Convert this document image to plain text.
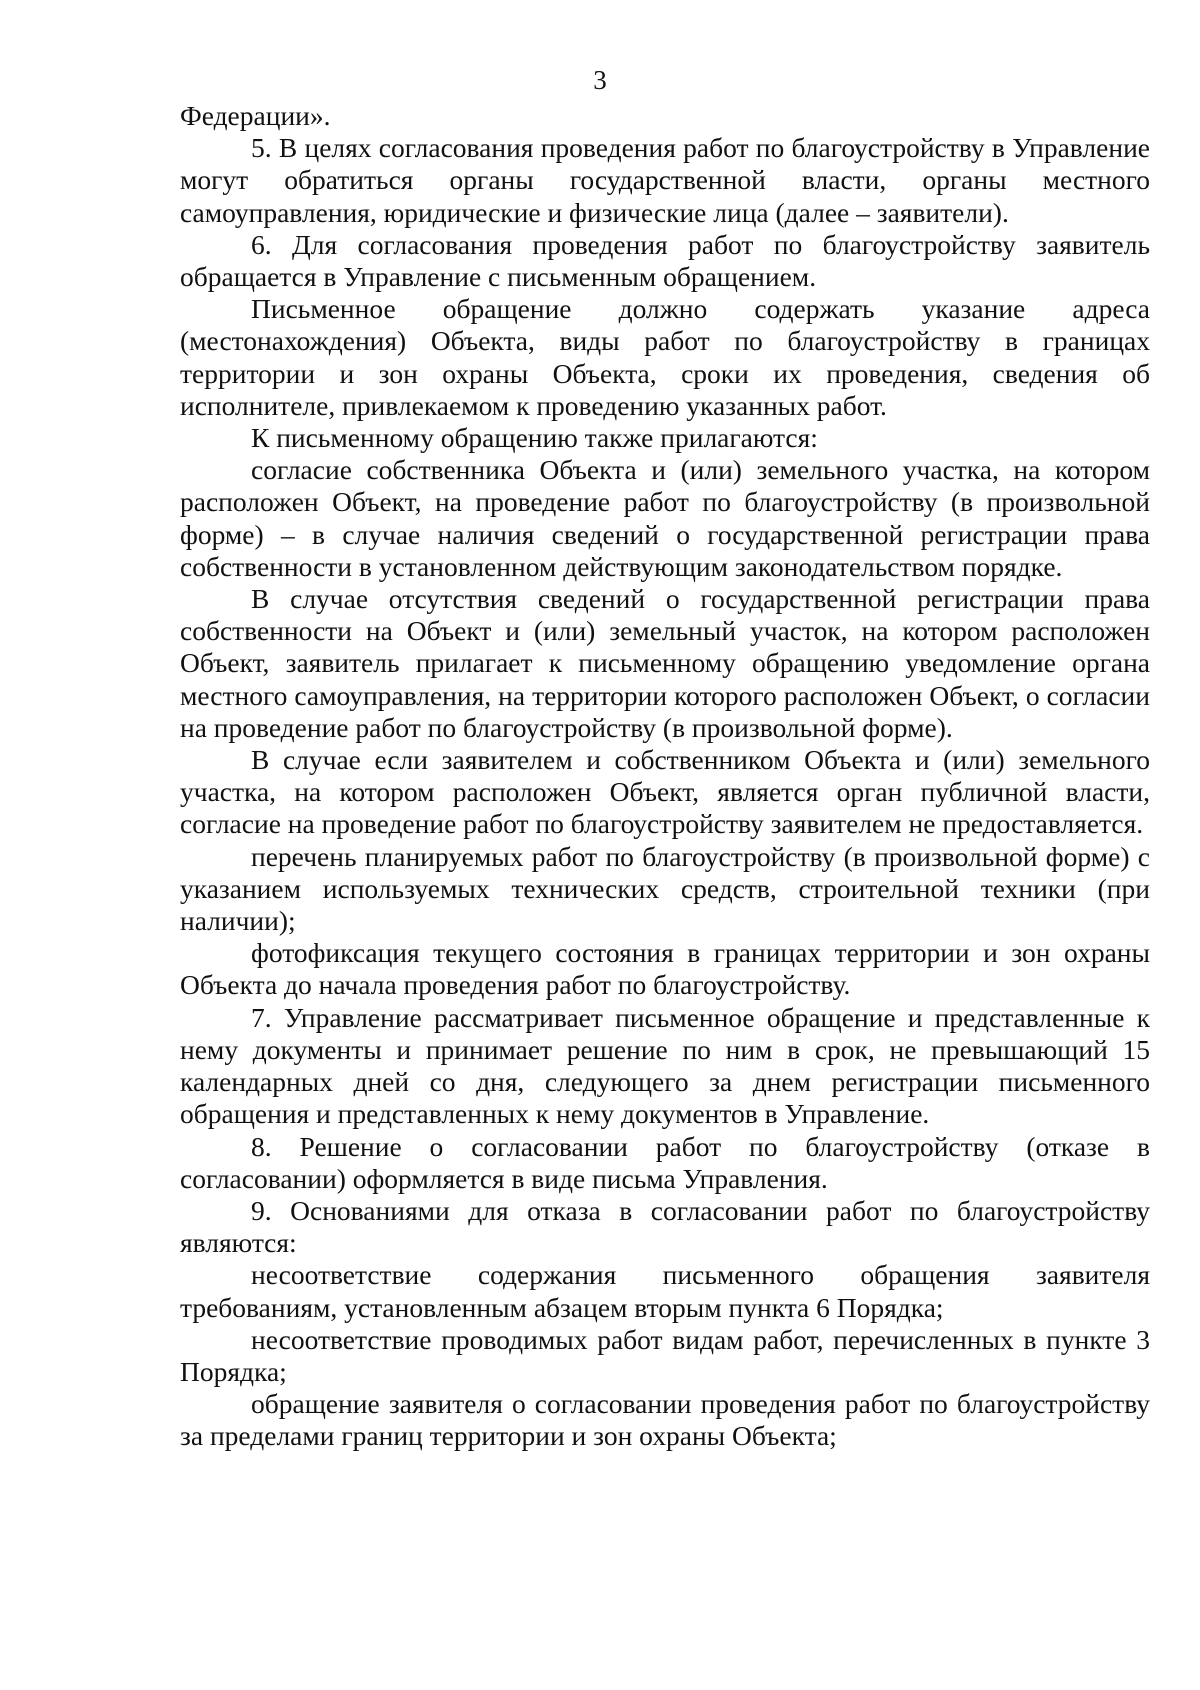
3

Федерации».

5. В целях согласования проведения работ по благоустройству в Управление могут обратиться органы государственной власти, органы местного самоуправления, юридические и физические лица (далее – заявители).

6. Для согласования проведения работ по благоустройству заявитель обращается в Управление с письменным обращением.

Письменное обращение должно содержать указание адреса (местонахождения) Объекта, виды работ по благоустройству в границах территории и зон охраны Объекта, сроки их проведения, сведения об исполнителе, привлекаемом к проведению указанных работ.

К письменному обращению также прилагаются:

согласие собственника Объекта и (или) земельного участка, на котором расположен Объект, на проведение работ по благоустройству (в произвольной форме) – в случае наличия сведений о государственной регистрации права собственности в установленном действующим законодательством порядке.

В случае отсутствия сведений о государственной регистрации права собственности на Объект и (или) земельный участок, на котором расположен Объект, заявитель прилагает к письменному обращению уведомление органа местного самоуправления, на территории которого расположен Объект, о согласии на проведение работ по благоустройству (в произвольной форме).

В случае если заявителем и собственником Объекта и (или) земельного участка, на котором расположен Объект, является орган публичной власти, согласие на проведение работ по благоустройству заявителем не предоставляется.

перечень планируемых работ по благоустройству (в произвольной форме) с указанием используемых технических средств, строительной техники (при наличии);

фотофиксация текущего состояния в границах территории и зон охраны Объекта до начала проведения работ по благоустройству.

7. Управление рассматривает письменное обращение и представленные к нему документы и принимает решение по ним в срок, не превышающий 15 календарных дней со дня, следующего за днем регистрации письменного обращения и представленных к нему документов в Управление.

8. Решение о согласовании работ по благоустройству (отказе в согласовании) оформляется в виде письма Управления.

9. Основаниями для отказа в согласовании работ по благоустройству являются:

несоответствие содержания письменного обращения заявителя требованиям, установленным абзацем вторым пункта 6 Порядка;

несоответствие проводимых работ видам работ, перечисленных в пункте 3 Порядка;

обращение заявителя о согласовании проведения работ по благоустройству за пределами границ территории и зон охраны Объекта;
